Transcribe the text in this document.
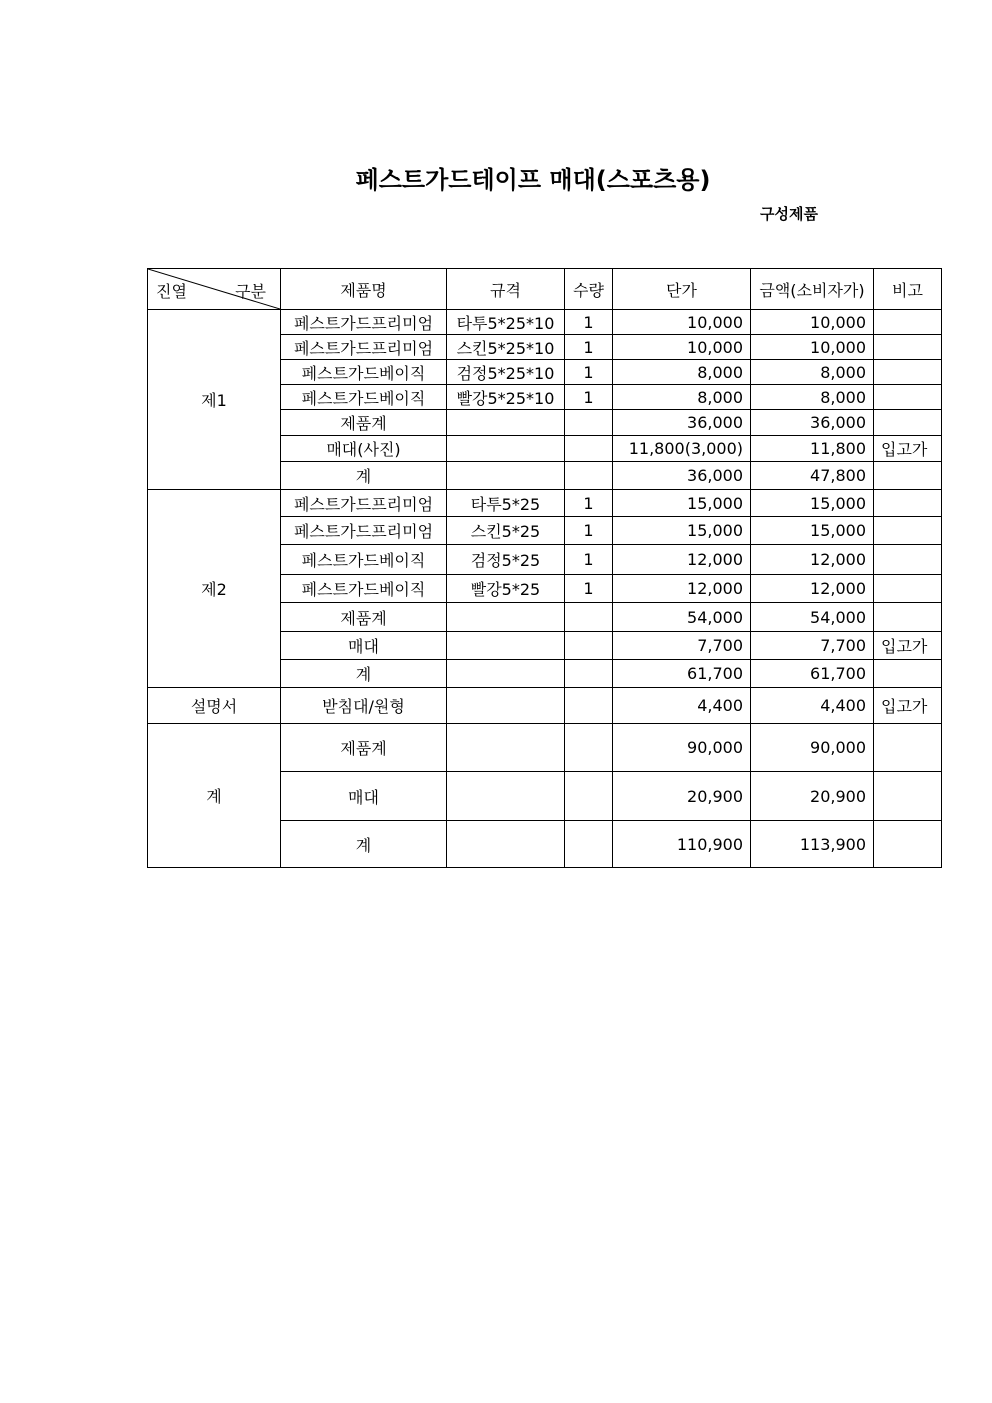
페스트가드테이프 매대(스포츠용)
구성제품
진열 구분	제품명	규격	수량	단가	금액(소비자가)	비고
제1	페스트가드프리미엄	타투5*25*10	1	10,000	10,000	
	페스트가드프리미엄	스킨5*25*10	1	10,000	10,000	
	페스트가드베이직	검정5*25*10	1	8,000	8,000	
	페스트가드베이직	빨강5*25*10	1	8,000	8,000	
	제품계			36,000	36,000	
	매대(사진)			11,800(3,000)	11,800	입고가
	계			36,000	47,800	
제2	페스트가드프리미엄	타투5*25	1	15,000	15,000	
	페스트가드프리미엄	스킨5*25	1	15,000	15,000	
	페스트가드베이직	검정5*25	1	12,000	12,000	
	페스트가드베이직	빨강5*25	1	12,000	12,000	
	제품계			54,000	54,000	
	매대			7,700	7,700	입고가
	계			61,700	61,700	
설명서	받침대/원형			4,400	4,400	입고가
계	제품계			90,000	90,000	
	매대			20,900	20,900	
	계			110,900	113,900	
